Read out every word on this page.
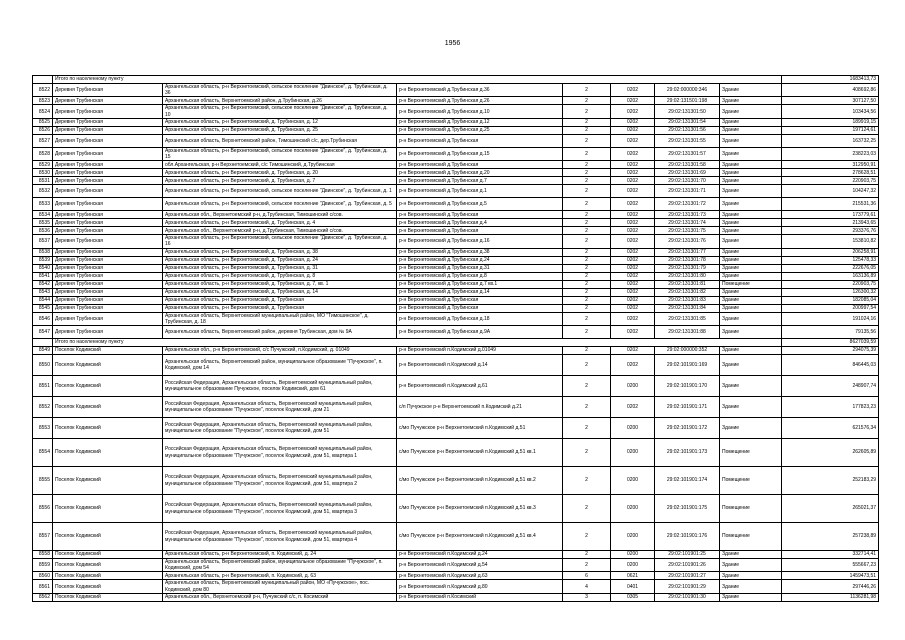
1956
	Итого по населенному пункту							1683413,73
8522	Деревня Трубинская	Архангельская область, р-н Верхнетоемский, сельское поселение "Двинское", д. Трубинская, д. 36	р-н Верхнетоемский д.Трубинская д.36	2	0202	29:02:000000:346	Здание	408692,86
8523	Деревня Трубинская	Архангельская область, Верхнетоемский район, д.Трубинская, д.26	р-н Верхнетоемский д.Трубинская д.26	2	0202	29:02:131501:198	Здание	307127,50
8524	Деревня Трубинская	Архангельская область, р-н Верхнетоемский, сельское поселение "Двинское", д. Трубинская, д. 10	р-н Верхнетоемский д.Трубинская д.10	2	0202	29:02:131301:50	Здание	103434,56
8525	Деревня Трубинская	Архангельская область, р-н Верхнетоемский, д. Трубинская, д. 12	р-н Верхнетоемский д.Трубинская д.12	2	0202	29:02:131301:54	Здание	189919,15
8526	Деревня Трубинская	Архангельская область, р-н Верхнетоемский, д. Трубинская, д. 25	р-н Верхнетоемский д.Трубинская д.25	2	0202	29:02:131301:56	Здание	197124,61
8527	Деревня Трубинская	Архангельская область, Верхнетоемский район, Тимошинский с/с, дер.Трубинская	р-н Верхнетоемский д.Трубинская	2	0202	29:02:131301:55	Здание	163732,25
8528	Деревня Трубинская	Архангельская область, р-н Верхнетоемский, сельское поселение "Двинское", д. Трубинская, д. 15	р-н Верхнетоемский д.Трубинская д.15	2	0202	29:02:131301:57	Здание	238223,03
8529	Деревня Трубинская	обл.Архангельская, р-н Верхнетоемский, с/с Тимошинский, д.Трубинская	р-н Верхнетоемский д.Трубинская	2	0202	29:02:131301:58	Здание	312950,91
8530	Деревня Трубинская	Архангельская область, р-н Верхнетоемский, д. Трубинская, д. 20	р-н Верхнетоемский д.Трубинская д.20	2	0202	29:02:131301:69	Здание	278628,51
8531	Деревня Трубинская	Архангельская область, р-н Верхнетоемский, д. Трубинская, д. 7	р-н Верхнетоемский д.Трубинская д.7	2	0202	29:02:131301:70	Здание	220903,75
8532	Деревня Трубинская	Архангельская область, р-н Верхнетоемский, сельское поселение "Двинское", д. Трубинская, д. 1	р-н Верхнетоемский д.Трубинская д.1	2	0202	29:02:131301:71	Здание	104247,32
8533	Деревня Трубинская	Архангельская область, р-н Верхнетоемский, сельское поселение "Двинское", д. Трубинская, д. 5	р-н Верхнетоемский д.Трубинская д.5	2	0202	29:02:131301:72	Здание	215531,36
8534	Деревня Трубинская	Архангельская обл., Верхнетоемский р-н, д.Трубинская, Тимошинский с/сов.	р-н Верхнетоемский д.Трубинская	2	0202	29:02:131301:73	Здание	173779,61
8535	Деревня Трубинская	Архангельская область, р-н Верхнетоемский, д. Трубинская, д. 4	р-н Верхнетоемский д.Трубинская д.4	2	0202	29:02:131301:74	Здание	213943,65
8536	Деревня Трубинская	Архангельская обл., Верхнетоемский р-н, д.Трубинская, Тимошинский с/сов.	р-н Верхнетоемский д.Трубинская	2	0202	29:02:131301:75	Здание	293376,76
8537	Деревня Трубинская	Архангельская область, р-н Верхнетоемский, сельское поселение "Двинское", д. Трубинская, д. 16	р-н Верхнетоемский д.Трубинская д.16	2	0202	29:02:131301:76	Здание	153810,82
8538	Деревня Трубинская	Архангельская область, р-н Верхнетоемский, д. Трубинская, д. 38	р-н Верхнетоемский д.Трубинская д.38	2	0202	29:02:131301:77	Здание	206258,91
8539	Деревня Трубинская	Архангельская область, р-н Верхнетоемский, д. Трубинская, д. 24	р-н Верхнетоемский д.Трубинская д.24	2	0202	29:02:131301:78	Здание	125478,33
8540	Деревня Трубинская	Архангельская область, р-н Верхнетоемский, д. Трубинская, д. 31	р-н Верхнетоемский д.Трубинская д.31	2	0202	29:02:131301:79	Здание	222676,05
8541	Деревня Трубинская	Архангельская область, р-н Верхнетоемский, д. Трубинская, д. 8	р-н Верхнетоемский д.Трубинская д.8	2	0202	29:02:131301:80	Здание	163136,89
8542	Деревня Трубинская	Архангельская область, р-н Верхнетоемский, д. Трубинская, д. 7, кв. 1	р-н Верхнетоемский д.Трубинская д.7 кв.1	2	0202	29:02:131301:81	Помещение	220903,75
8543	Деревня Трубинская	Архангельская область, р-н Верхнетоемский, д. Трубинская, д. 14	р-н Верхнетоемский д.Трубинская д.14	2	0202	29:02:131301:82	Здание	126300,32
8544	Деревня Трубинская	Архангельская область, р-н Верхнетоемский, д. Трубинская	р-н Верхнетоемский д.Трубинская	2	0202	29:02:131301:83	Здание	182085,04
8545	Деревня Трубинская	Архангельская область, р-н Верхнетоемский, д. Трубинская	р-н Верхнетоемский д.Трубинская	2	0202	29:02:131301:84	Здание	200997,54
8546	Деревня Трубинская	Архангельская область, Верхнетоемский муниципальный район, МО "Тимошинское", д. Трубинская, д. 18	р-н Верхнетоемский д.Трубинская д.18	2	0202	29:02:131301:85	Здание	191024,16
8547	Деревня Трубинская	Архангельская область, Верхнетоемский район, деревня Трубинская, дом № 9А	р-н Верхнетоемский д.Трубинская д.9А	2	0202	29:02:131301:88	Здание	79135,56
	Итого по населенному пункту							8627039,59
8549	Поселок Кодимский	Архангельская обл., р-н Верхнетоемский, с/с Пучужский, п.Кодимский, д. 01049	р-н Верхнетоемский п.Кодимский д.01049	2	0202	29:02:000000:352	Здание	294075,39
8550	Поселок Кодимский	Архангельская область, Верхнетоемский район, муниципальное образование "Пучужское", п. Кодимский, дом 14	р-н Верхнетоемский п.Кодимский д.14	2	0202	29:02:101901:169	Здание	846445,03
8551	Поселок Кодимский	Российская Федерация, Архангельская область, Верхнетоемский муниципальный район, муниципальное образование Пучужское, поселок Кодимский, дом 61	р-н Верхнетоемский п.Кодимский д.61	2	0200	29:02:101901:170	Здание	248907,74
8552	Поселок Кодимский	Российская Федерация, Архангельская область, Верхнетоемский муниципальный район, муниципальное образование "Пучужское", поселок Кодимский, дом 21	с/п Пучужское р-н Верхнетоемский п.Кодимский д.21	2	0202	29:02:101901:171	Здание	177823,23
8553	Поселок Кодимский	Российская Федерация, Архангельская область, Верхнетоемский муниципальный район, муниципальное образование "Пучужское", поселок Кодимский, дом 51	с/мо Пучужское р-н Верхнетоемский п.Кодимский д.51	2	0200	29:02:101901:172	Здание	621576,34
8554	Поселок Кодимский	Российская Федерация, Архангельская область, Верхнетоемский муниципальный район, муниципальное образование "Пучужское", поселок Кодимский, дом 51, квартира 1	с/мо Пучужское р-н Верхнетоемский п.Кодимский д.51 кв.1	2	0200	29:02:101901:173	Помещение	262605,89
8555	Поселок Кодимский	Российская Федерация, Архангельская область, Верхнетоемский муниципальный район, муниципальное образование "Пучужское", поселок Кодимский, дом 51, квартира 2	с/мо Пучужское р-н Верхнетоемский п.Кодимский д.51 кв.2	2	0200	29:02:101901:174	Помещение	252183,29
8556	Поселок Кодимский	Российская Федерация, Архангельская область, Верхнетоемский муниципальный район, муниципальное образование "Пучужское", поселок Кодимский, дом 51, квартира 3	с/мо Пучужское р-н Верхнетоемский п.Кодимский д.51 кв.3	2	0200	29:02:101901:175	Помещение	265021,37
8557	Поселок Кодимский	Российская Федерация, Архангельская область, Верхнетоемский муниципальный район, муниципальное образование "Пучужское", поселок Кодимский, дом 51, квартира 4	с/мо Пучужское р-н Верхнетоемский п.Кодимский д.51 кв.4	2	0200	29:02:101901:176	Помещение	257238,89
8558	Поселок Кодимский	Архангельская область, р-н Верхнетоемский, п. Кодимский, д. 24	р-н Верхнетоемский п.Кодимский д.24	2	0200	29:02:101901:25	Здание	332714,41
8559	Поселок Кодимский	Архангельская область, Верхнетоемский район, муниципальное образование "Пучужское", п. Кодимский, дом 54	р-н Верхнетоемский п.Кодимский д.54	2	0200	29:02:101901:26	Здание	555667,23
8560	Поселок Кодимский	Архангельская область, р-н Верхнетоемский, п. Кодимский, д. 63	р-н Верхнетоемский п.Кодимский д.63	6	0621	29:02:101901:27	Здание	1459473,51
8561	Поселок Кодимский	Архангельская область, Верхнетоемский муниципальный район, МО «Пучужское», пос. Кодимский, дом 80	р-н Верхнетоемский п.Кодимский д.80	4	0401	29:02:101901:29	Здание	297446,26
8562	Поселок Кодимский	Архангельская обл., Верхнетоемский р-н, Пучужский с/с, п. Косимский	р-н Верхнетоемский п.Косимский	3	0305	29:02:101901:30	Здание	1136281,98
